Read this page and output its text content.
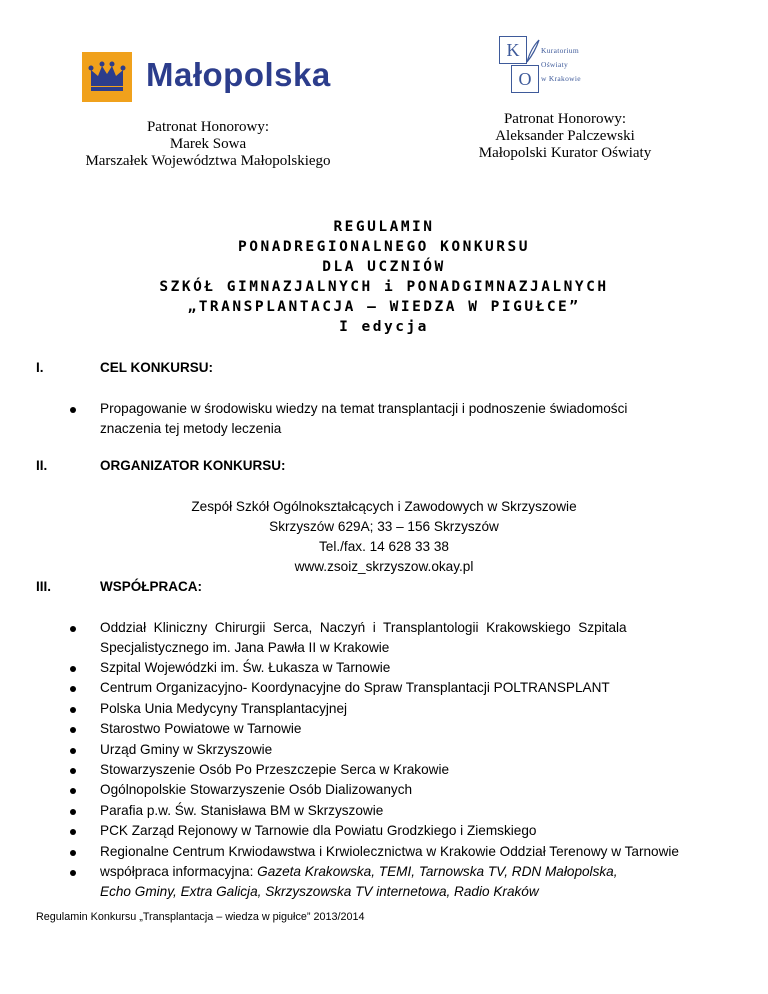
Małopolska
K
O
Kuratorium
Oświaty
w Krakowie
Patronat Honorowy:
Marek Sowa
Marszałek Województwa Małopolskiego
Patronat Honorowy:
Aleksander Palczewski
Małopolski Kurator Oświaty
REGULAMIN
PONADREGIONALNEGO KONKURSU
DLA UCZNIÓW
SZKÓŁ GIMNAZJALNYCH i PONADGIMNAZJALNYCH
„TRANSPLANTACJA – WIEDZA W PIGUŁCE”
I edycja
I.	CEL KONKURSU:
Propagowanie w środowisku wiedzy na temat transplantacji i podnoszenie świadomości
znaczenia tej metody leczenia
II.	ORGANIZATOR KONKURSU:
Zespół Szkół Ogólnokształcących i Zawodowych w Skrzyszowie
Skrzyszów 629A; 33 – 156 Skrzyszów
Tel./fax. 14 628 33 38
www.zsoiz_skrzyszow.okay.pl
III.	WSPÓŁPRACA:
Oddział  Kliniczny  Chirurgii  Serca,  Naczyń  i  Transplantologii  Krakowskiego  Szpitala
Specjalistycznego im. Jana Pawła II w Krakowie
Szpital Wojewódzki im. Św. Łukasza w Tarnowie
Centrum Organizacyjno- Koordynacyjne do Spraw Transplantacji POLTRANSPLANT
Polska Unia Medycyny Transplantacyjnej
Starostwo Powiatowe w Tarnowie
Urząd Gminy w Skrzyszowie
Stowarzyszenie Osób Po Przeszczepie Serca w Krakowie
Ogólnopolskie Stowarzyszenie Osób Dializowanych
Parafia p.w. Św. Stanisława BM w Skrzyszowie
PCK Zarząd Rejonowy w Tarnowie dla Powiatu Grodzkiego i Ziemskiego
Regionalne Centrum Krwiodawstwa i Krwiolecznictwa w Krakowie Oddział Terenowy w Tarnowie
współpraca informacyjna: Gazeta Krakowska, TEMI, Tarnowska TV, RDN Małopolska,
Echo Gminy, Extra Galicja, Skrzyszowska TV internetowa, Radio Kraków
Regulamin Konkursu „Transplantacja – wiedza w pigułce” 2013/2014
